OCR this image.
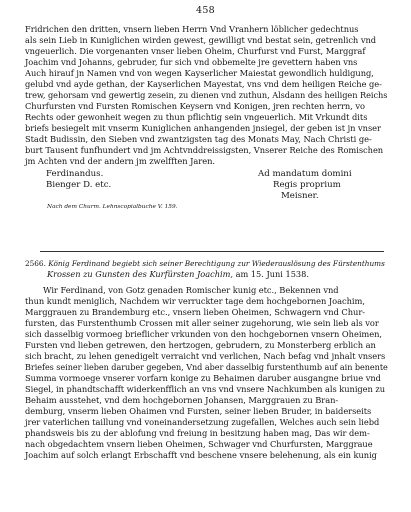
458
Fridrichen den dritten, vnsern lieben Herrn Vnd Vranhern löblicher gedechtnus
als sein Lieb in Kuniglichen wirden gewest, gewilligt vnd bestat sein, getrenlich vnd
vngeuerlich. Die vorgenanten vnser lieben Oheim, Churfurst vnd Furst, Marggraf
Joachim vnd Johanns, gebruder, fur sich vnd obbemelte jre gevettern haben vns
Auch hirauf jn Namen vnd von wegen Kayserlicher Maiestat gewondlich huldigung,
gelubd vnd ayde gethan, der Kayserlichen Mayestat, vns vnd dem heiligen Reiche ge-
trew, gehorsam vnd gewertig zesein, zu dienen vnd zuthun, Alsdann des heiligen Reichs
Churfursten vnd Fursten Romischen Keysern vnd Konigen, jren rechten herrn, vo
Rechts oder gewonheit wegen zu thun pflichtig sein vngeuerlich. Mit Vrkundt dits
briefs besiegelt mit vnserm Kuniglichen anhangenden jnsiegel, der geben ist jn vnser
Stadt Budissin, den Sieben vnd zwantzigsten tag des Monats May, Nach Christi ge-
burt Tausent funfhundert vnd jm Achtvnddreissigsten, Vnserer Reiche des Romischen
jm Achten vnd der andern jm zwelfften Jaren.
Ferdinandus.
Bienger D. etc.
Ad mandatum domini
Regis proprium
Meisner.
Nach dem Churm. Lehnscopialbuche V. 159.
2566. König Ferdinand begiebt sich seiner Berechtigung zur Wiederauslösung des Fürstenthums
Krossen zu Gunsten des Kurfürsten Joachim, am 15. Juni 1538.
Wir Ferdinand, von Gotz genaden Romischer kunig etc., Bekennen vnd
thun kundt meniglich, Nachdem wir verruckter tage dem hochgebornen Joachim,
Marggrauen zu Brandemburg etc., vnsern lieben Oheimen, Schwagern vnd Chur-
fursten, das Furstenthumb Crossen mit aller seiner zugehorung, wie sein lieb als vor
sich dasselbig vormoeg brieflicher vrkunden von den hochgebornen vnsern Oheimen,
Fursten vnd lieben getrewen, den hertzogen, gebrudern, zu Monsterberg erblich an
sich bracht, zu lehen genedigelt verraicht vnd verlichen, Nach befag vnd jnhalt vnsers
Briefes seiner lieben daruber gegeben, Vnd aber dasselbig furstenthumb auf ain benente
Summa vormoege vnserer vorfarn konige zu Behaimen daruber ausgangne briue vnd
Siegel, in phandtschafft widerkenfflich an vns vnd vnsere Nachkumben als kunigen zu
Behaim ausstehet, vnd dem hochgebornen Johansen, Marggrauen zu Bran-
demburg, vnserm lieben Ohaimen vnd Fursten, seiner lieben Bruder, in baiderseits
jrer vaterlichen taillung vnd voneinandersetzung zugefallen, Welches auch sein liebd
phandsweis bis zu der ablofung vnd freiung in besitzung haben mag, Das wir dem-
nach obgedachtem vnsern lieben Oheimen, Schwager vnd Churfursten, Marggraue
Joachim auf solch erlangt Erbschafft vnd beschene vnsere belehenung, als ein kunig
